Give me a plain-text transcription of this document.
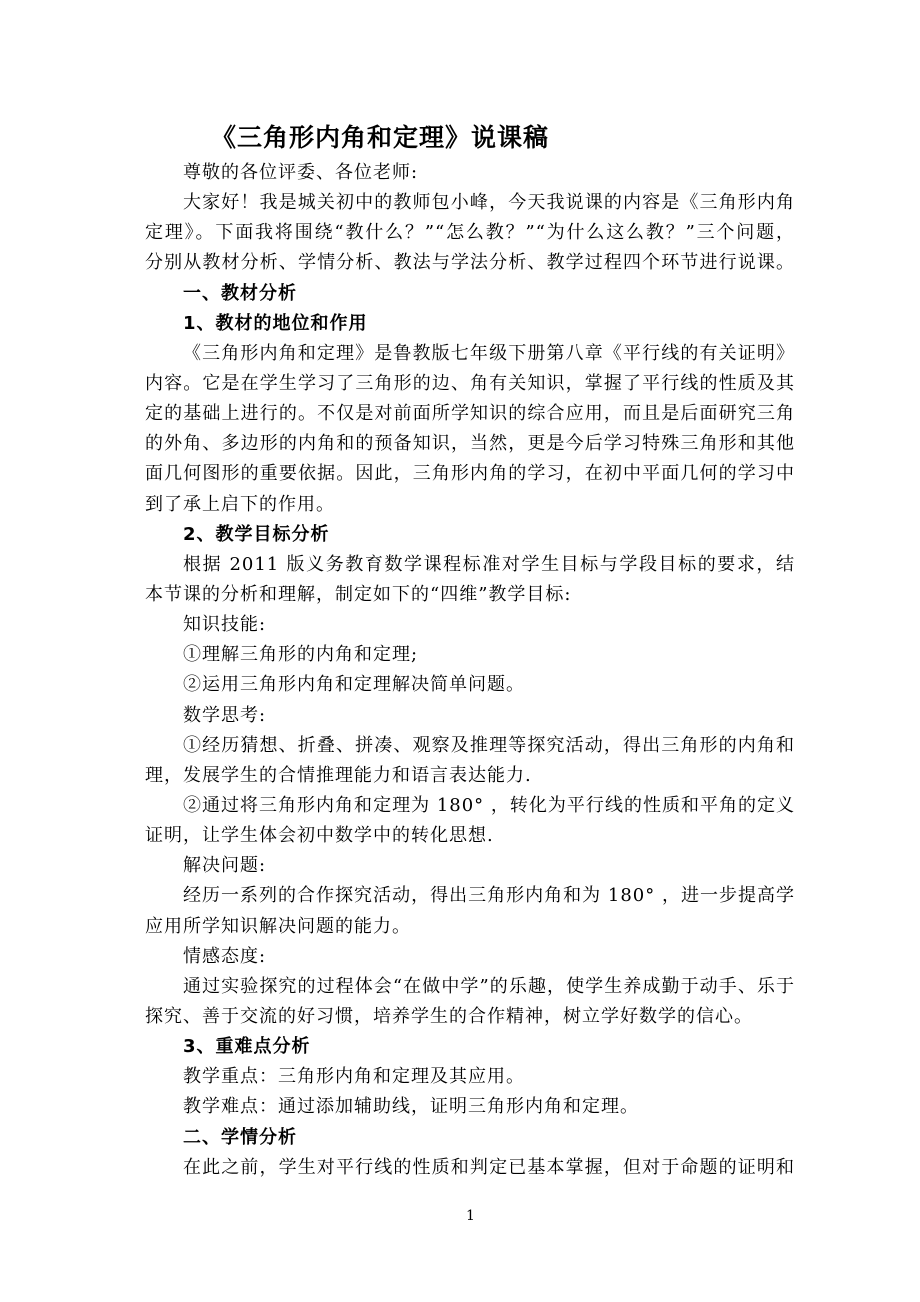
《三角形内角和定理》说课稿
尊敬的各位评委、各位老师:
大家好！我是城关初中的教师包小峰，今天我说课的内容是《三角形内角
定理》。下面我将围绕“教什么？”“怎么教？”“为什么这么教？”三个问题，
分别从教材分析、学情分析、教法与学法分析、教学过程四个环节进行说课。
一、教材分析
1、教材的地位和作用
《三角形内角和定理》是鲁教版七年级下册第八章《平行线的有关证明》
内容。它是在学生学习了三角形的边、角有关知识，掌握了平行线的性质及其
定的基础上进行的。不仅是对前面所学知识的综合应用，而且是后面研究三角
的外角、多边形的内角和的预备知识，当然，更是今后学习特殊三角形和其他
面几何图形的重要依据。因此，三角形内角的学习，在初中平面几何的学习中
到了承上启下的作用。
2、教学目标分析
根据 2011 版义务教育数学课程标准对学生目标与学段目标的要求，结
本节课的分析和理解，制定如下的“四维”教学目标:
知识技能:
①理解三角形的内角和定理;
②运用三角形内角和定理解决简单问题。
数学思考:
①经历猜想、折叠、拼凑、观察及推理等探究活动，得出三角形的内角和
理，发展学生的合情推理能力和语言表达能力.
②通过将三角形内角和定理为 180° ，转化为平行线的性质和平角的定义
证明，让学生体会初中数学中的转化思想.
解决问题:
经历一系列的合作探究活动，得出三角形内角和为 180° ，进一步提高学
应用所学知识解决问题的能力。
情感态度:
通过实验探究的过程体会“在做中学”的乐趣，使学生养成勤于动手、乐于
探究、善于交流的好习惯，培养学生的合作精神，树立学好数学的信心。
3、重难点分析
教学重点：三角形内角和定理及其应用。
教学难点：通过添加辅助线，证明三角形内角和定理。
二、学情分析
在此之前，学生对平行线的性质和判定已基本掌握，但对于命题的证明和
1
